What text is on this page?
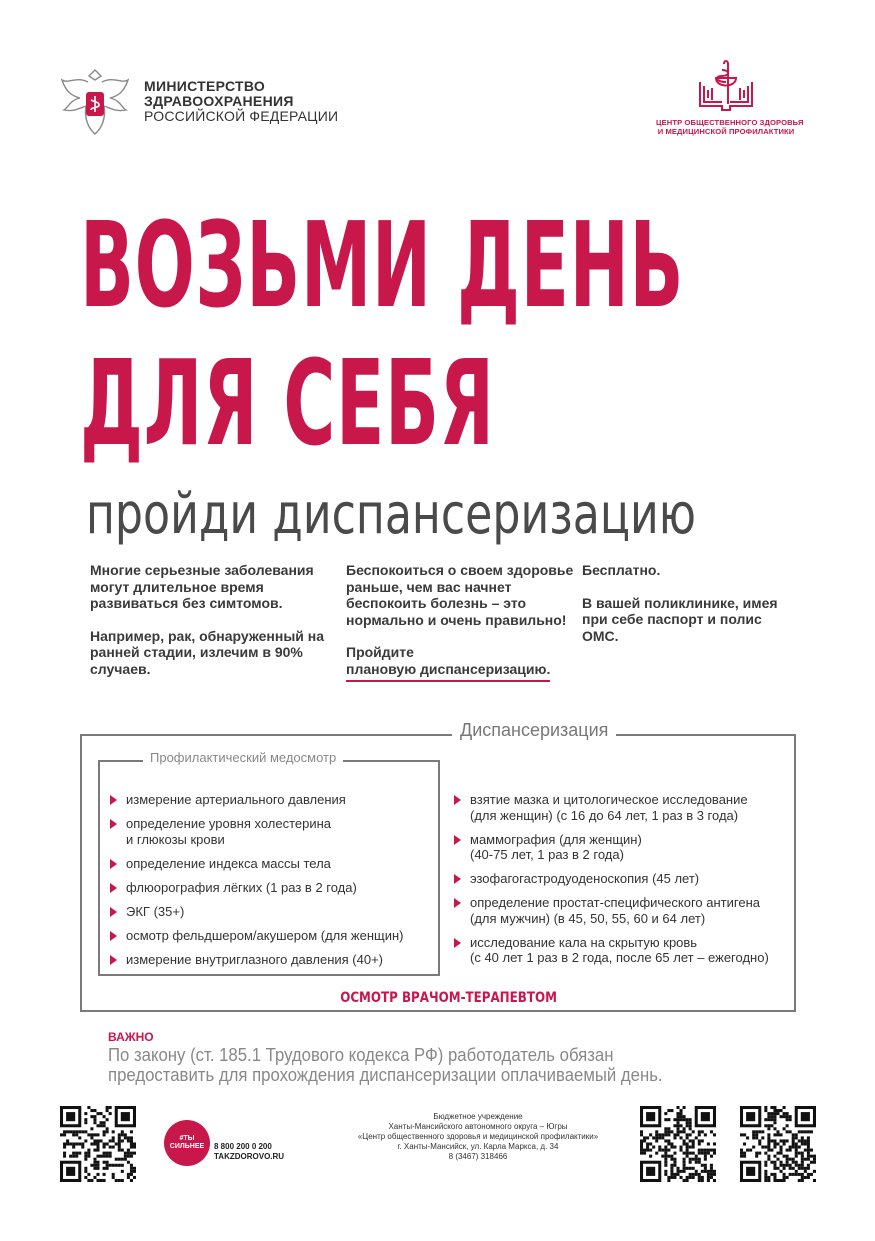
МИНИСТЕРСТВО
ЗДРАВООХРАНЕНИЯ
РОССИЙСКОЙ ФЕДЕРАЦИИ	ЦЕНТР ОБЩЕСТВЕННОГО ЗДОРОВЬЯ
И МЕДИЦИНСКОЙ ПРОФИЛАКТИКИ
ВОЗЬМИ ДЕНЬ
ДЛЯ СЕБЯ
пройди диспансеризацию

Многие серьезные заболевания могут длительное время развиваться без симтомов.

Например, рак, обнаруженный на ранней стадии, излечим в 90% случаев.

Беспокоиться о своем здоровье раньше, чем вас начнет беспокоить болезнь – это нормально и очень правильно!

Пройдите
плановую диспансеризацию.

Бесплатно.

В вашей поликлинике, имея при себе паспорт и полис ОМС.

Диспансеризация
Профилактический медосмотр
измерение артериального давления
определение уровня холестерина
и глюкозы крови
определение индекса массы тела
флюорография лёгких (1 раз в 2 года)
ЭКГ (35+)
осмотр фельдшером/акушером (для женщин)
измерение внутриглазного давления (40+)
взятие мазка и цитологическое исследование
(для женщин) (с 16 до 64 лет, 1 раз в 3 года)
маммография (для женщин)
(40-75 лет, 1 раз в 2 года)
эзофагогастродуоденоскопия (45 лет)
определение простат-специфического антигена
(для мужчин) (в 45, 50, 55, 60 и 64 лет)
исследование кала на скрытую кровь
(с 40 лет 1 раз в 2 года, после 65 лет – ежегодно)
ОСМОТР ВРАЧОМ-ТЕРАПЕВТОМ
ВАЖНО
По закону (ст. 185.1 Трудового кодекса РФ) работодатель обязан
предоставить для прохождения диспансеризации оплачиваемый день.
#ТЫ
СИЛЬНЕЕ 8 800 200 0 200
TAKZDOROVO.RU
Бюджетное учреждение
Ханты-Мансийского автономного округа – Югры
«Центр общественного здоровья и медицинской профилактики»
г. Ханты-Мансийск, ул. Карла Маркса, д. 34
8 (3467) 318466
